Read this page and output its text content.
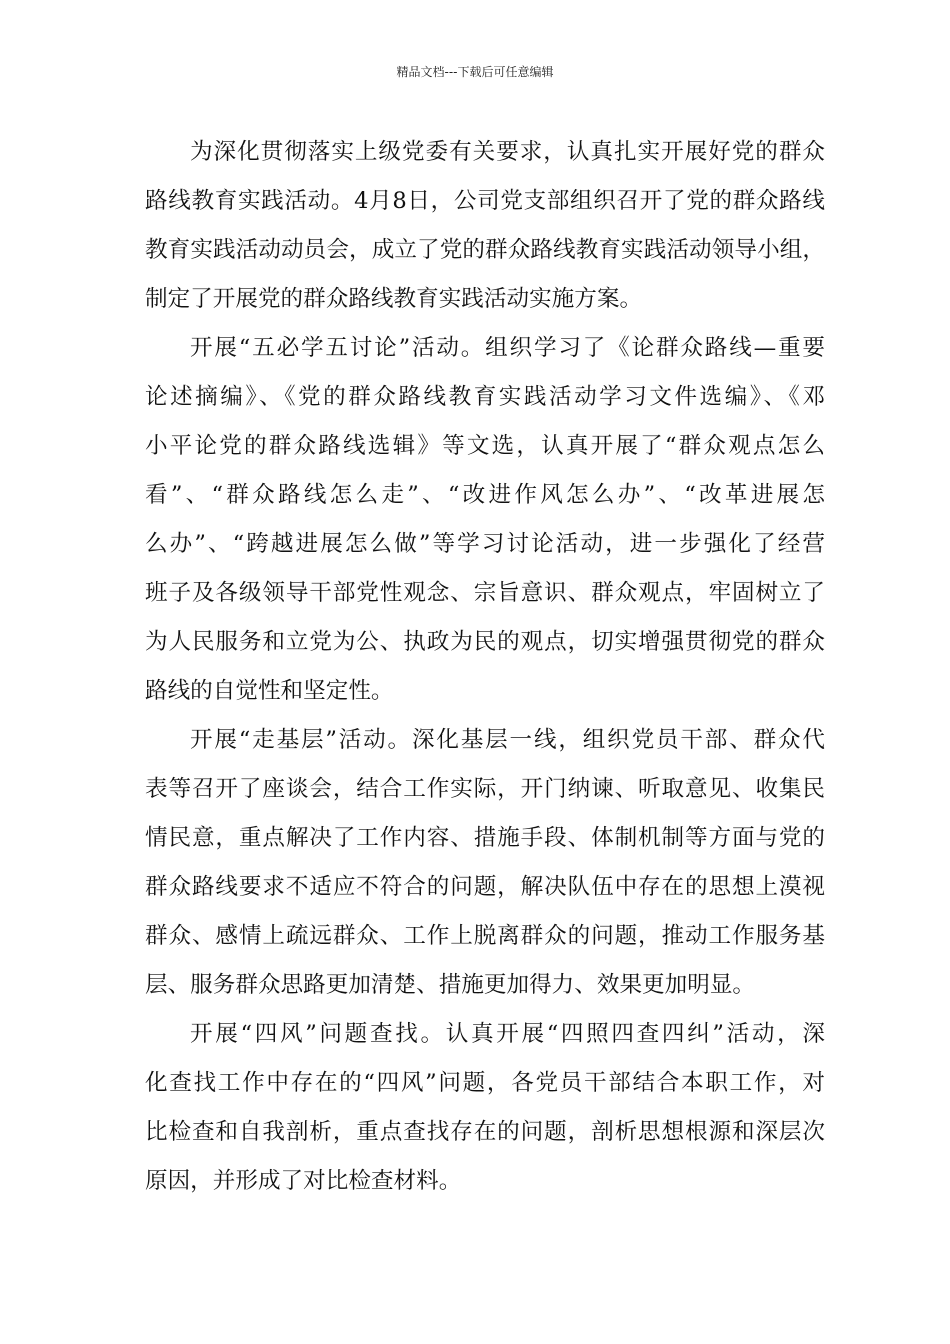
精品文档---下载后可任意编辑
为深化贯彻落实上级党委有关要求，认真扎实开展好党的群众
路线教育实践活动。4月8日，公司党支部组织召开了党的群众路线
教育实践活动动员会，成立了党的群众路线教育实践活动领导小组，
制定了开展党的群众路线教育实践活动实施方案。
开展“五必学五讨论”活动。组织学习了《论群众路线—重要
论述摘编》、《党的群众路线教育实践活动学习文件选编》、《邓
小平论党的群众路线选辑》等文选，认真开展了“群众观点怎么
看”、“群众路线怎么走”、“改进作风怎么办”、“改革进展怎
么办”、“跨越进展怎么做”等学习讨论活动，进一步强化了经营
班子及各级领导干部党性观念、宗旨意识、群众观点，牢固树立了
为人民服务和立党为公、执政为民的观点，切实增强贯彻党的群众
路线的自觉性和坚定性。
开展“走基层”活动。深化基层一线，组织党员干部、群众代
表等召开了座谈会，结合工作实际，开门纳谏、听取意见、收集民
情民意，重点解决了工作内容、措施手段、体制机制等方面与党的
群众路线要求不适应不符合的问题，解决队伍中存在的思想上漠视
群众、感情上疏远群众、工作上脱离群众的问题，推动工作服务基
层、服务群众思路更加清楚、措施更加得力、效果更加明显。
开展“四风”问题查找。认真开展“四照四查四纠”活动，深
化查找工作中存在的“四风”问题，各党员干部结合本职工作，对
比检查和自我剖析，重点查找存在的问题，剖析思想根源和深层次
原因，并形成了对比检查材料。
